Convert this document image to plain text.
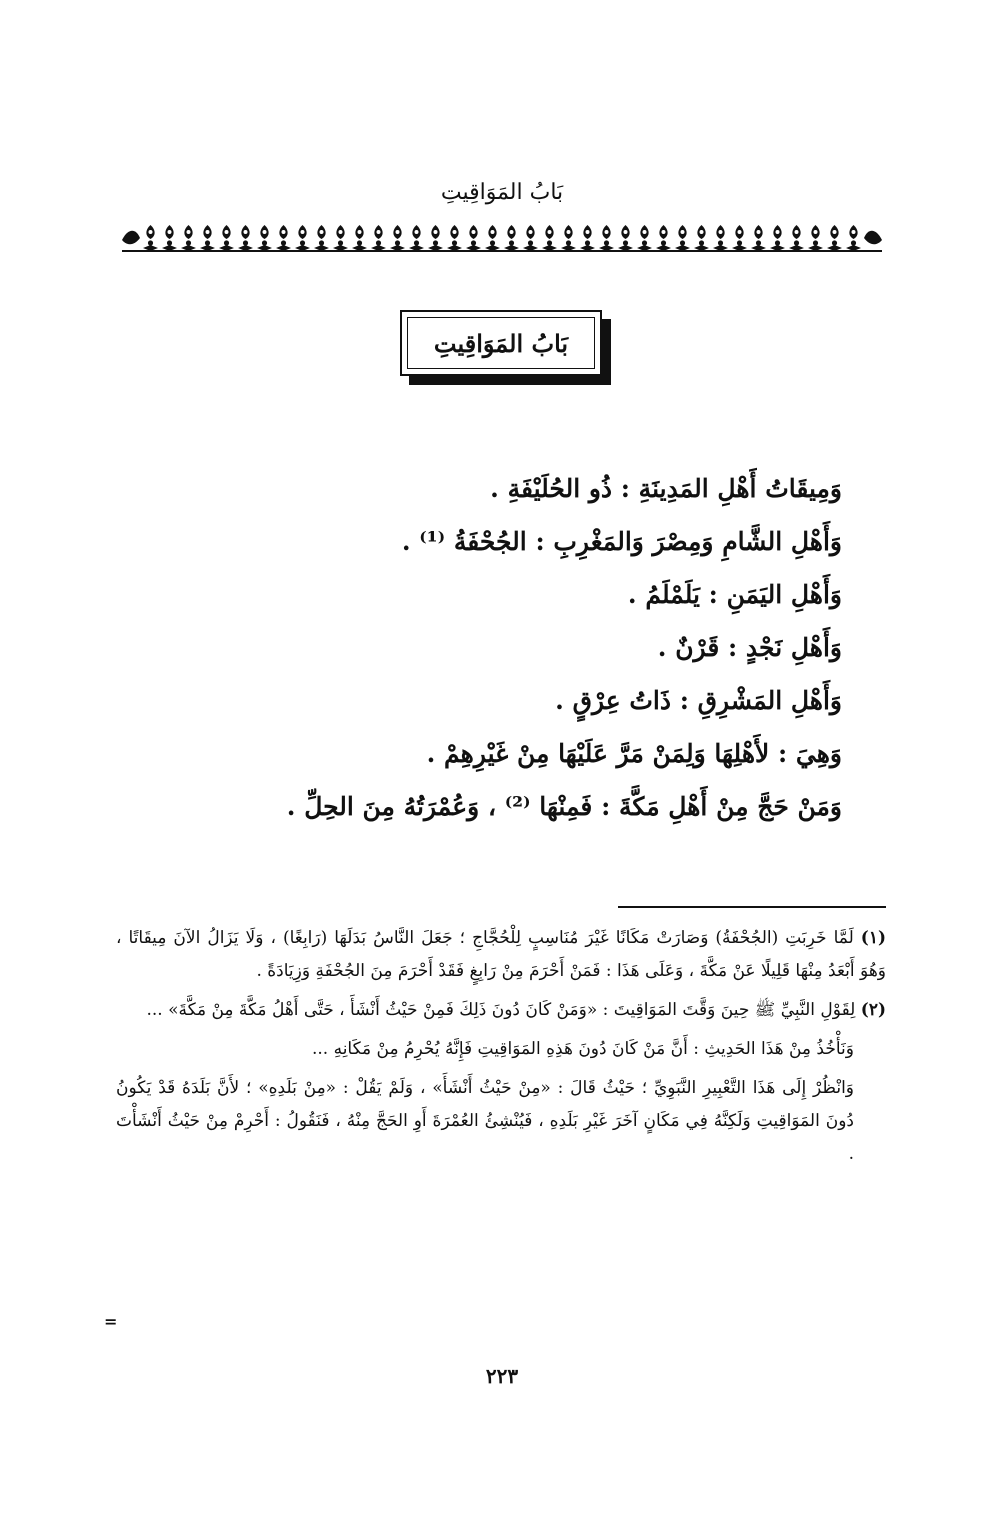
بَابُ المَوَاقِيتِ
بَابُ المَوَاقِيتِ
وَمِيقَاتُ أَهْلِ المَدِينَةِ : ذُو الحُلَيْفَةِ .
وَأَهْلِ الشَّامِ وَمِصْرَ وَالمَغْرِبِ : الجُحْفَةُ ⁽¹⁾ .
وَأَهْلِ اليَمَنِ : يَلَمْلَمُ .
وَأَهْلِ نَجْدٍ : قَرْنٌ .
وَأَهْلِ المَشْرِقِ : ذَاتُ عِرْقٍ .
وَهِيَ : لأَهْلِهَا وَلِمَنْ مَرَّ عَلَيْهَا مِنْ غَيْرِهِمْ .
وَمَنْ حَجَّ مِنْ أَهْلِ مَكَّةَ : فَمِنْهَا ⁽²⁾ ، وَعُمْرَتُهُ مِنَ الحِلِّ .

(١) لَمَّا خَرِبَتِ (الجُحْفَةُ) وَصَارَتْ مَكَانًا غَيْرَ مُنَاسِبٍ لِلْحُجَّاجِ ؛ جَعَلَ النَّاسُ بَدَلَهَا (رَابِغًا) ، وَلَا يَزَالُ الآنَ مِيقَاتًا ، وَهُوَ أَبْعَدُ مِنْهَا قَلِيلًا عَنْ مَكَّةَ ، وَعَلَى هَذَا : فَمَنْ أَحْرَمَ مِنْ رَابِغٍ فَقَدْ أَحْرَمَ مِنَ الجُحْفَةِ وَزِيَادَةً .

(٢) لِقَوْلِ النَّبِيِّ ﷺ حِينَ وَقَّتَ المَوَاقِيتَ : «وَمَنْ كَانَ دُونَ ذَلِكَ فَمِنْ حَيْثُ أَنْشَأَ ، حَتَّى أَهْلُ مَكَّةَ مِنْ مَكَّةَ» ...

وَنَأْخُذُ مِنْ هَذَا الحَدِيثِ : أَنَّ مَنْ كَانَ دُونَ هَذِهِ المَوَاقِيتِ فَإِنَّهُ يُحْرِمُ مِنْ مَكَانِهِ ...

وَانْظُرْ إِلَى هَذَا التَّعْبِيرِ النَّبَوِيِّ ؛ حَيْثُ قَالَ : «مِنْ حَيْثُ أَنْشَأَ» ، وَلَمْ يَقُلْ : «مِنْ بَلَدِهِ» ؛ لأَنَّ بَلَدَهُ قَدْ يَكُونُ دُونَ المَوَاقِيتِ وَلَكِنَّهُ فِي مَكَانٍ آخَرَ غَيْرِ بَلَدِهِ ، فَيُنْشِئُ العُمْرَةَ أَوِ الحَجَّ مِنْهُ ، فَنَقُولُ : أَحْرِمْ مِنْ حَيْثُ أَنْشَأْتَ .

=
٢٢٣
